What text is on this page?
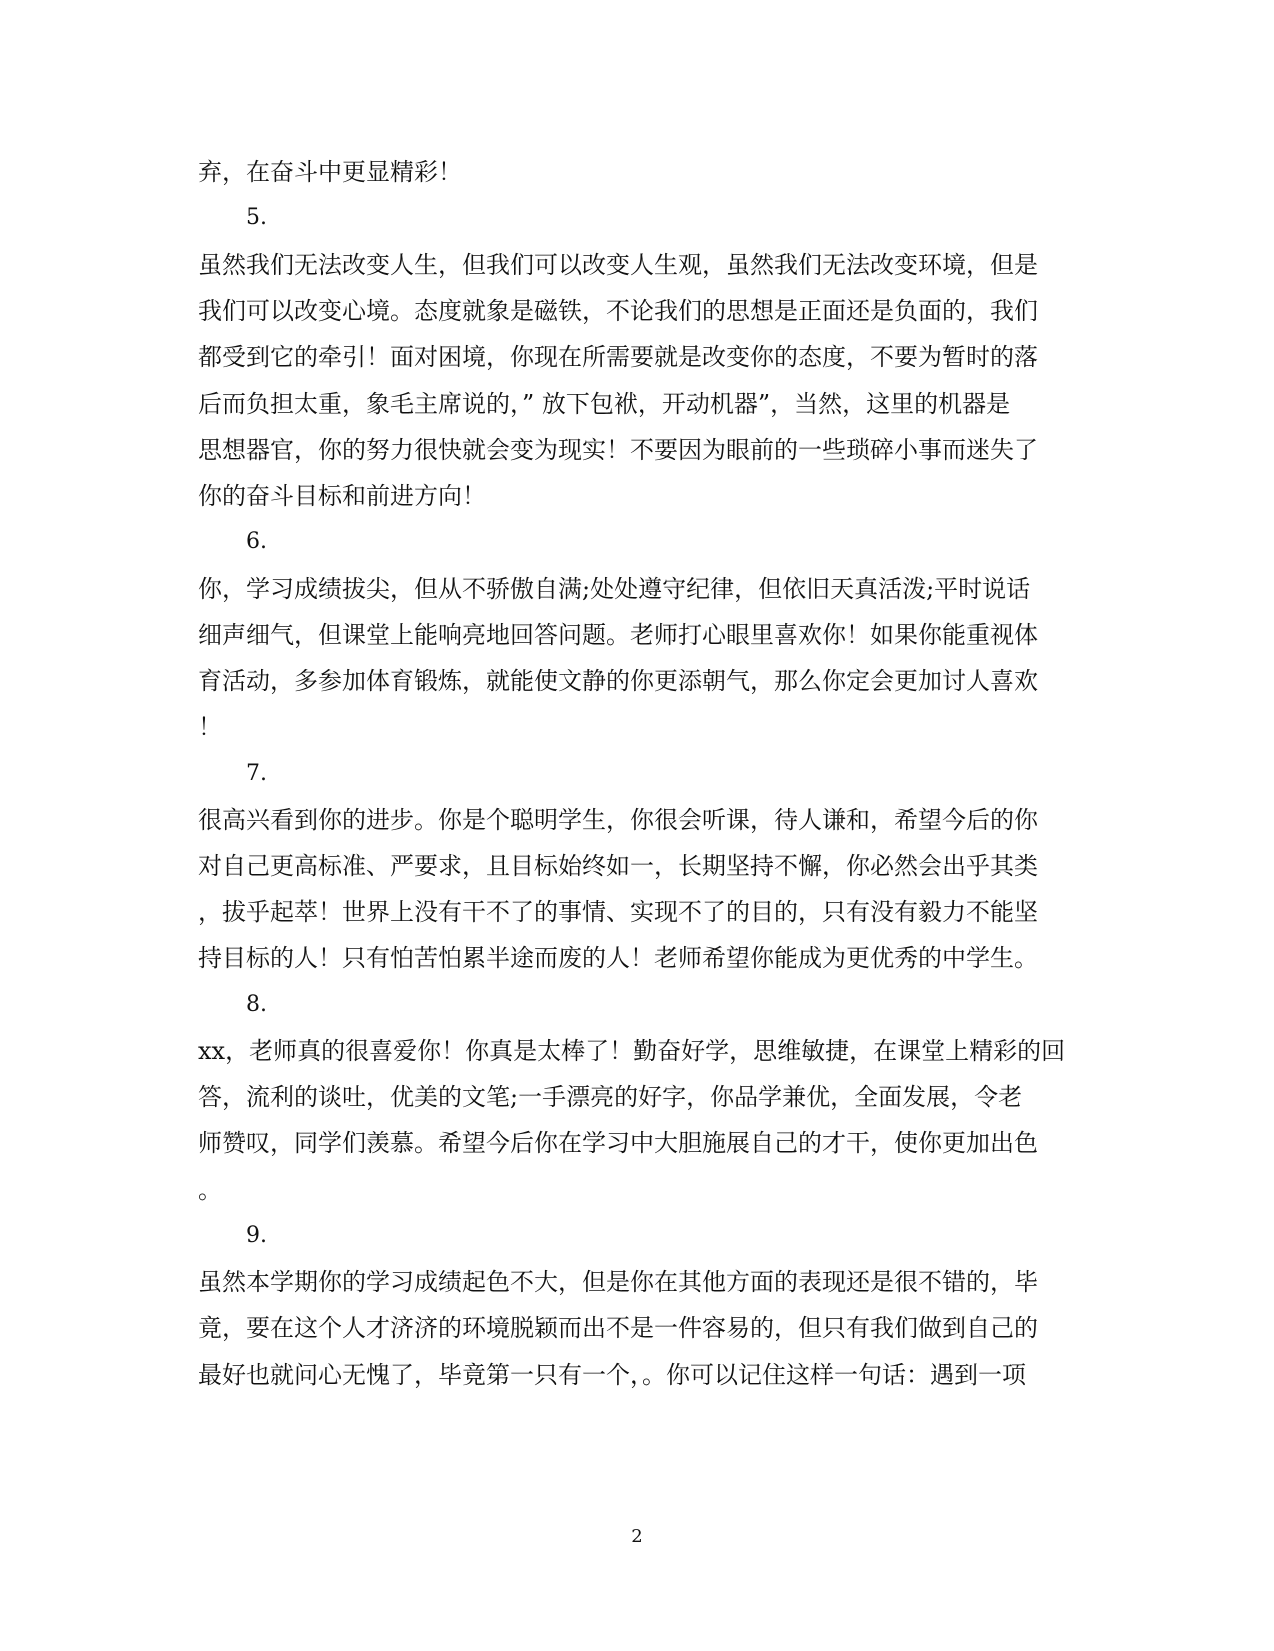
弃，在奋斗中更显精彩！
5.
虽然我们无法改变人生，但我们可以改变人生观，虽然我们无法改变环境，但是
我们可以改变心境。态度就象是磁铁，不论我们的思想是正面还是负面的，我们
都受到它的牵引！面对困境，你现在所需要就是改变你的态度，不要为暂时的落
后而负担太重，象毛主席说的，” 放下包袱，开动机器”，当然，这里的机器是
思想器官，你的努力很快就会变为现实！不要因为眼前的一些琐碎小事而迷失了
你的奋斗目标和前进方向！
6.
你，学习成绩拔尖，但从不骄傲自满;处处遵守纪律，但依旧天真活泼;平时说话
细声细气，但课堂上能响亮地回答问题。老师打心眼里喜欢你！如果你能重视体
育活动，多参加体育锻炼，就能使文静的你更添朝气，那么你定会更加讨人喜欢
！
7.
很高兴看到你的进步。你是个聪明学生，你很会听课，待人谦和，希望今后的你
对自己更高标准、严要求，且目标始终如一，长期坚持不懈，你必然会出乎其类
，拔乎起萃！世界上没有干不了的事情、实现不了的目的，只有没有毅力不能坚
持目标的人！只有怕苦怕累半途而废的人！老师希望你能成为更优秀的中学生。
8.
xx，老师真的很喜爱你！你真是太棒了！勤奋好学，思维敏捷，在课堂上精彩的回
答，流利的谈吐，优美的文笔;一手漂亮的好字，你品学兼优，全面发展，令老
师赞叹，同学们羡慕。希望今后你在学习中大胆施展自己的才干，使你更加出色
。
9.
虽然本学期你的学习成绩起色不大，但是你在其他方面的表现还是很不错的，毕
竟，要在这个人才济济的环境脱颖而出不是一件容易的，但只有我们做到自己的
最好也就问心无愧了，毕竟第一只有一个，。你可以记住这样一句话：遇到一项
2
